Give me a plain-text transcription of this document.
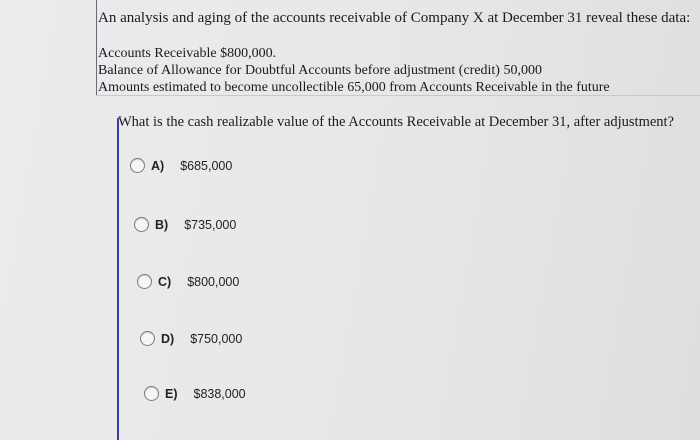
An analysis and aging of the accounts receivable of Company X at December 31 reveal these data:
Accounts Receivable $800,000.
Balance of Allowance for Doubtful Accounts before adjustment (credit) 50,000
Amounts estimated to become uncollectible 65,000 from Accounts Receivable in the future
What is the cash realizable value of the Accounts Receivable at December 31, after adjustment?
A) $685,000
B) $735,000
C) $800,000
D) $750,000
E) $838,000
